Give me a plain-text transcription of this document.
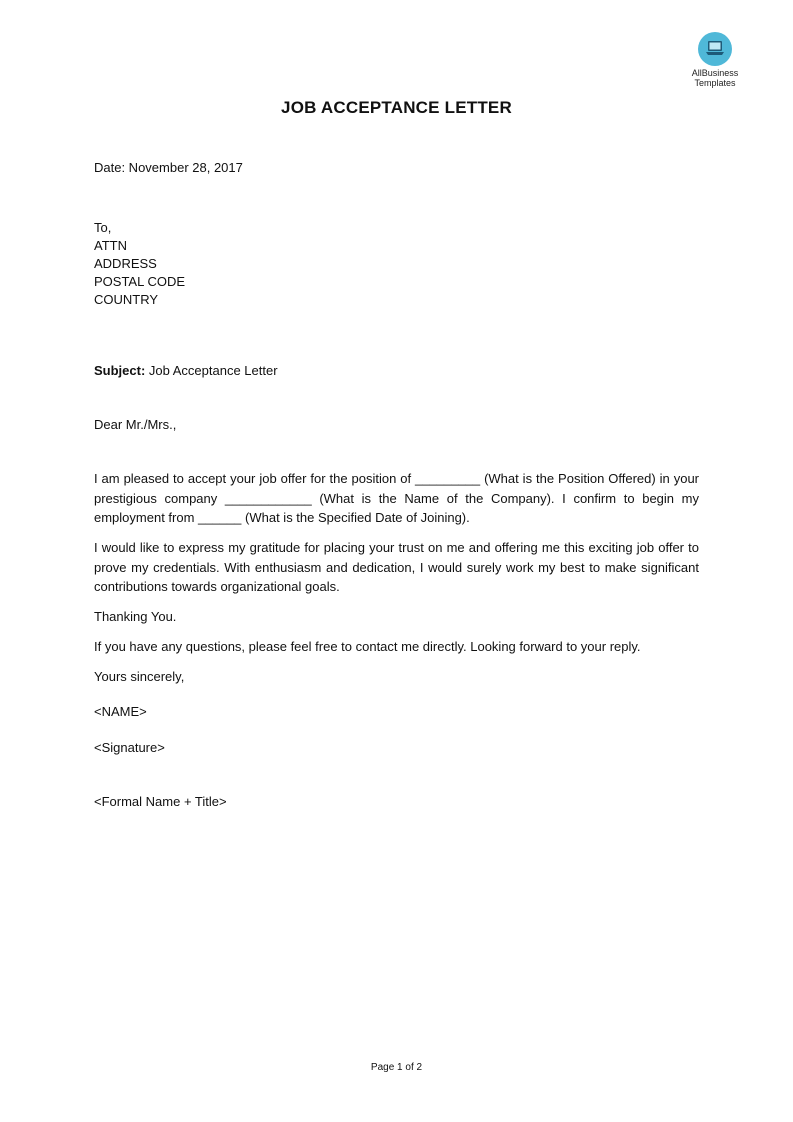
AllBusiness
Templates
JOB ACCEPTANCE LETTER
Date: November 28, 2017
To,
ATTN
ADDRESS
POSTAL CODE
COUNTRY
Subject: Job Acceptance Letter
Dear Mr./Mrs.,

I am pleased to accept your job offer for the position of _________ (What is the Position Offered) in your prestigious company ____________ (What is the Name of the Company). I confirm to begin my employment from ______ (What is the Specified Date of Joining).

I would like to express my gratitude for placing your trust on me and offering me this exciting job offer to prove my credentials. With enthusiasm and dedication, I would surely work my best to make significant contributions towards organizational goals.

Thanking You.

If you have any questions, please feel free to contact me directly. Looking forward to your reply.

Yours sincerely,

<NAME>
<Signature>
<Formal Name + Title>
Page 1 of 2
